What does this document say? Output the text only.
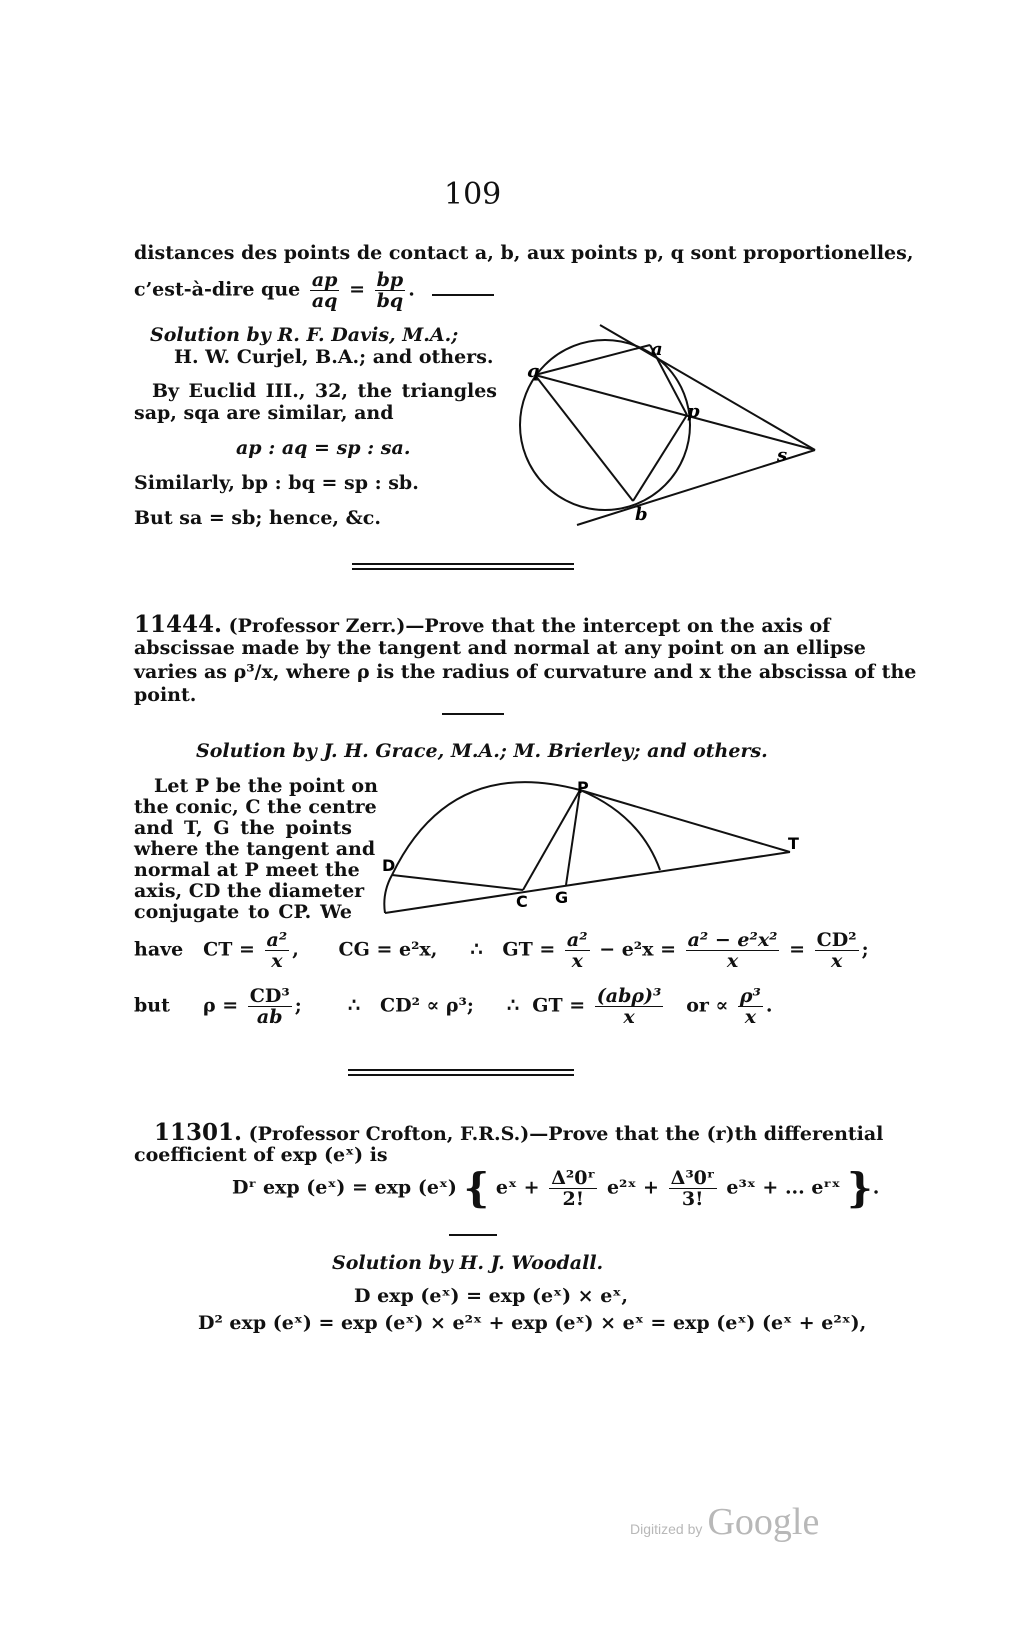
109
distances des points de contact a, b, aux points p, q sont proportionelles,
c’est-à-dire que $\frac{ap}{aq} = \frac{bp}{bq}$ .
Solution by R. F. Davis, M.A.;
H. W. Curjel, B.A.; and others.
By Euclid III., 32, the triangles
sap, sqa are similar, and
ap : aq = sp : sa.
Similarly, bp : bq = sp : sb.
But sa = sb; hence, &c.
q
a
p
s
b
11444. (Professor Zerr.)—Prove that the intercept on the axis of
abscissae made by the tangent and normal at any point on an ellipse
varies as ρ³/x, where ρ is the radius of curvature and x the abscissa of the
point.
Solution by J. H. Grace, M.A.; M. Brierley; and others.
Let P be the point on
the conic, C the centre
and T, G the points
where the tangent and
normal at P meet the
axis, CD the diameter
conjugate to CP. We
P
T
D
C G
have CT = $\frac{\text{a²}}{x}$ ,      CG = e²x, ∴ GT = $\frac{\text{a²}}{x} - e^2x = \frac{\text{a² − e²x²}}{x} = \frac{\text{CD²}}{x}$ ;
but $\rho = \frac{\text{CD³}}{ab}$ ;       ∴ CD² ∝ ρ³; ∴ GT = $\frac{\text{(abρ)³}}{x}$ or ∝ $\frac{\text{ρ³}}{x}$ .
11301. (Professor Crofton, F.R.S.)—Prove that the (r)th differential
coefficient of exp (eˣ) is
Dʳ exp (eˣ) = exp (eˣ) { eˣ + $\frac{\text{Δ²0ʳ}}{2!}$ e²ˣ + $\frac{\text{Δ³0ʳ}}{3!}$ e³ˣ + ... eʳˣ }.
Solution by H. J. Woodall.
D exp (eˣ) = exp (eˣ) × eˣ,
D² exp (eˣ) = exp (eˣ) × e²ˣ + exp (eˣ) × eˣ = exp (eˣ) (eˣ + e²ˣ),
Digitized by Google
